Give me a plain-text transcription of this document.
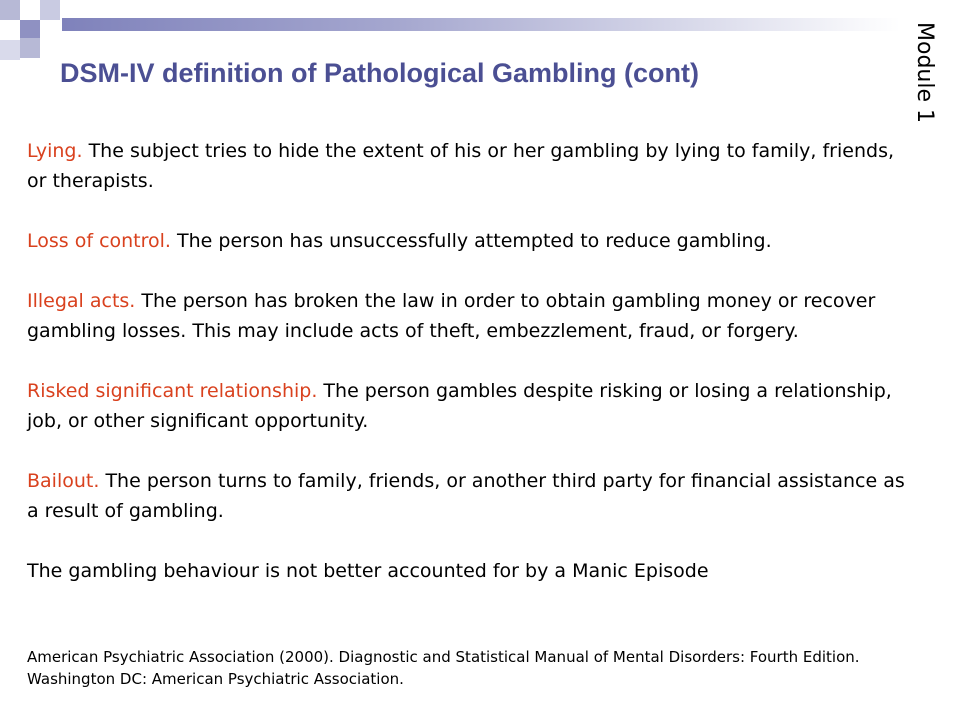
DSM-IV definition of Pathological Gambling (cont)	Module 1

Lying. The subject tries to hide the extent of his or her gambling by lying to family, friends, or therapists.

Loss of control. The person has unsuccessfully attempted to reduce gambling.

Illegal acts. The person has broken the law in order to obtain gambling money or recover gambling losses. This may include acts of theft, embezzlement, fraud, or forgery.

Risked significant relationship. The person gambles despite risking or losing a relationship, job, or other significant opportunity.

Bailout. The person turns to family, friends, or another third party for financial assistance as a result of gambling.

The gambling behaviour is not better accounted for by a Manic Episode

American Psychiatric Association (2000). Diagnostic and Statistical Manual of Mental Disorders: Fourth Edition. Washington DC: American Psychiatric Association.
